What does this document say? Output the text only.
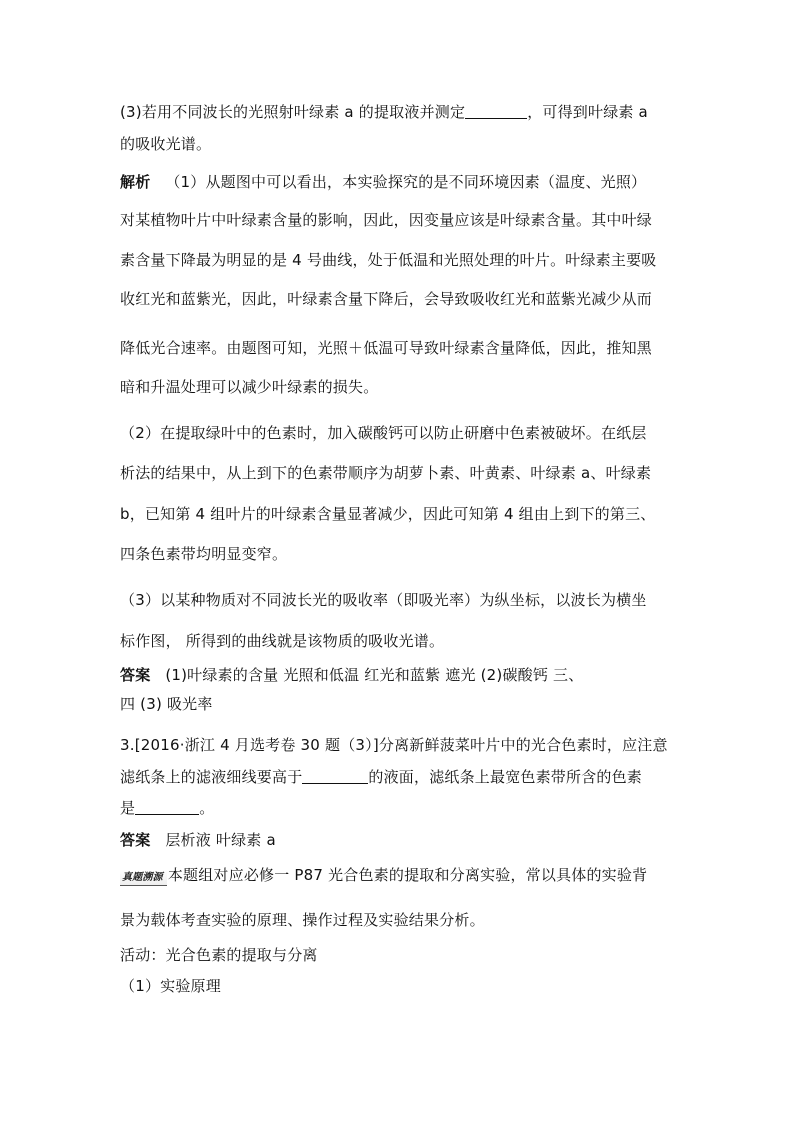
(3)若用不同波长的光照射叶绿素 a 的提取液并测定	，可得到叶绿素 a

的吸收光谱。

解析 （1）从题图中可以看出，本实验探究的是不同环境因素（温度、光照）

对某植物叶片中叶绿素含量的影响，因此，因变量应该是叶绿素含量。其中叶绿

素含量下降最为明显的是 4 号曲线，处于低温和光照处理的叶片。叶绿素主要吸

收红光和蓝紫光，因此，叶绿素含量下降后，会导致吸收红光和蓝紫光减少从而

降低光合速率。由题图可知，光照＋低温可导致叶绿素含量降低，因此，推知黑

暗和升温处理可以减少叶绿素的损失。

（2）在提取绿叶中的色素时，加入碳酸钙可以防止研磨中色素被破坏。在纸层

析法的结果中，从上到下的色素带顺序为胡萝卜素、叶黄素、叶绿素 a、叶绿素

b，已知第 4 组叶片的叶绿素含量显著减少，因此可知第 4 组由上到下的第三、

四条色素带均明显变窄。

（3）以某种物质对不同波长光的吸收率（即吸光率）为纵坐标，以波长为横坐

标作图， 所得到的曲线就是该物质的吸收光谱。

答案 (1)叶绿素的含量 光照和低温 红光和蓝紫 遮光 (2)碳酸钙 三、

四 (3) 吸光率

3.[2016·浙江 4 月选考卷 30 题（3）]分离新鲜菠菜叶片中的光合色素时，应注意

滤纸条上的滤液细线要高于	的液面，滤纸条上最宽色素带所含的色素

是	。

答案 层析液 叶绿素 a

真题溯源 本题组对应必修一 P87 光合色素的提取和分离实验，常以具体的实验背

景为载体考查实验的原理、操作过程及实验结果分析。

活动：光合色素的提取与分离

（1）实验原理
